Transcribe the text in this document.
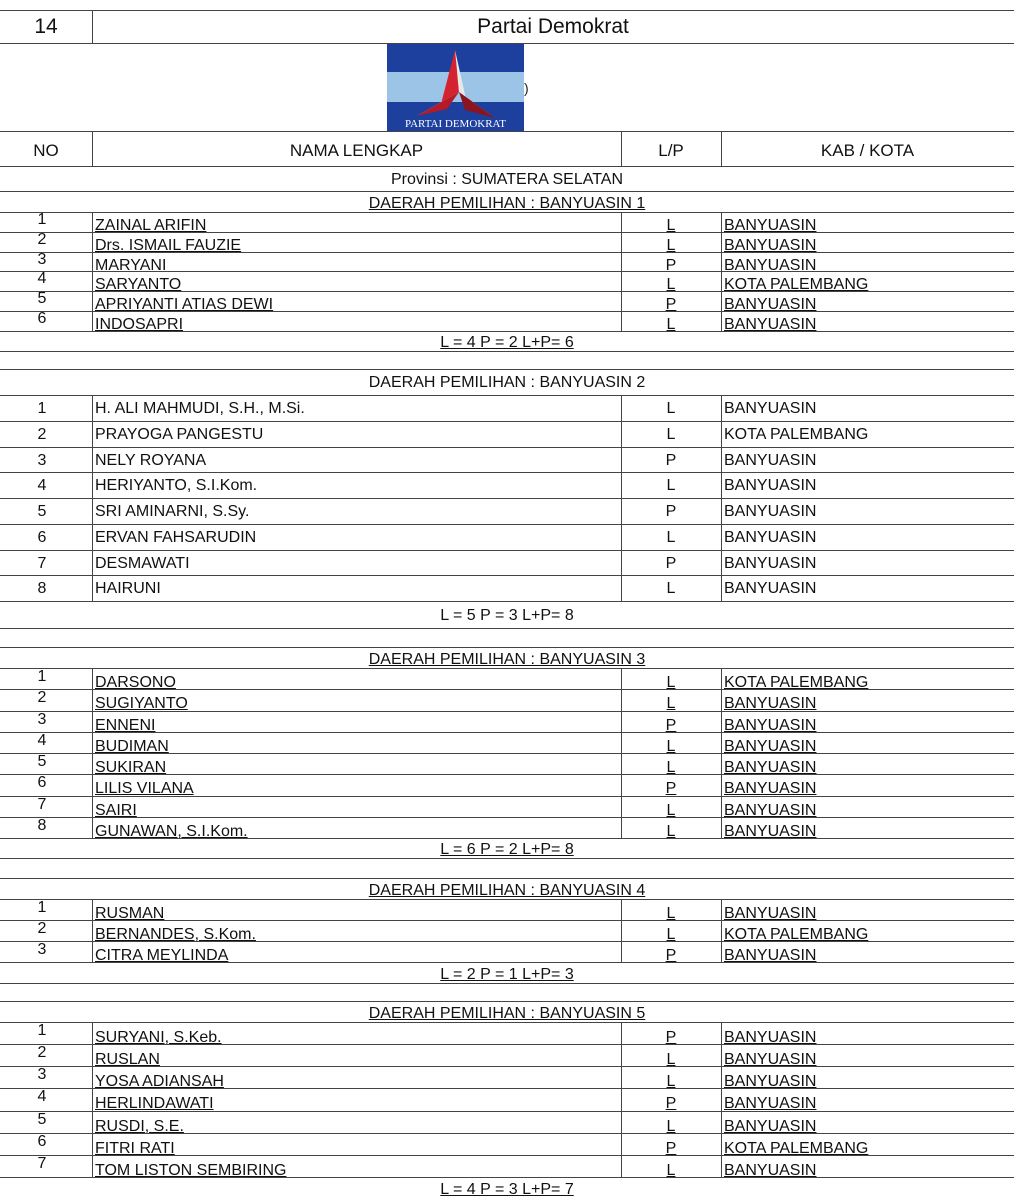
14	Partai Demokrat
PARTAI DEMOKRAT
)
NO	NAMA LENGKAP	L/P	KAB / KOTA
Provinsi : SUMATERA SELATAN
DAERAH PEMILIHAN : BANYUASIN 1
1	ZAINAL ARIFIN	L	BANYUASIN
2	Drs. ISMAIL FAUZIE	L	BANYUASIN
3	MARYANI	P	BANYUASIN
4	SARYANTO	L	KOTA PALEMBANG
5	APRIYANTI ATIAS DEWI	P	BANYUASIN
6	INDOSAPRI	L	BANYUASIN
L = 4 P = 2 L+P= 6
DAERAH PEMILIHAN : BANYUASIN 2
1	H. ALI MAHMUDI, S.H., M.Si.	L	BANYUASIN
2	PRAYOGA PANGESTU	L	KOTA PALEMBANG
3	NELY ROYANA	P	BANYUASIN
4	HERIYANTO, S.I.Kom.	L	BANYUASIN
5	SRI AMINARNI, S.Sy.	P	BANYUASIN
6	ERVAN FAHSARUDIN	L	BANYUASIN
7	DESMAWATI	P	BANYUASIN
8	HAIRUNI	L	BANYUASIN
L = 5 P = 3 L+P= 8
DAERAH PEMILIHAN : BANYUASIN 3
1	DARSONO	L	KOTA PALEMBANG
2	SUGIYANTO	L	BANYUASIN
3	ENNENI	P	BANYUASIN
4	BUDIMAN	L	BANYUASIN
5	SUKIRAN	L	BANYUASIN
6	LILIS VILANA	P	BANYUASIN
7	SAIRI	L	BANYUASIN
8	GUNAWAN, S.I.Kom.	L	BANYUASIN
L = 6 P = 2 L+P= 8
DAERAH PEMILIHAN : BANYUASIN 4
1	RUSMAN	L	BANYUASIN
2	BERNANDES, S.Kom.	L	KOTA PALEMBANG
3	CITRA MEYLINDA	P	BANYUASIN
L = 2 P = 1 L+P= 3
DAERAH PEMILIHAN : BANYUASIN 5
1	SURYANI, S.Keb.	P	BANYUASIN
2	RUSLAN	L	BANYUASIN
3	YOSA ADIANSAH	L	BANYUASIN
4	HERLINDAWATI	P	BANYUASIN
5	RUSDI, S.E.	L	BANYUASIN
6	FITRI RATI	P	KOTA PALEMBANG
7	TOM LISTON SEMBIRING	L	BANYUASIN
L = 4 P = 3 L+P= 7
